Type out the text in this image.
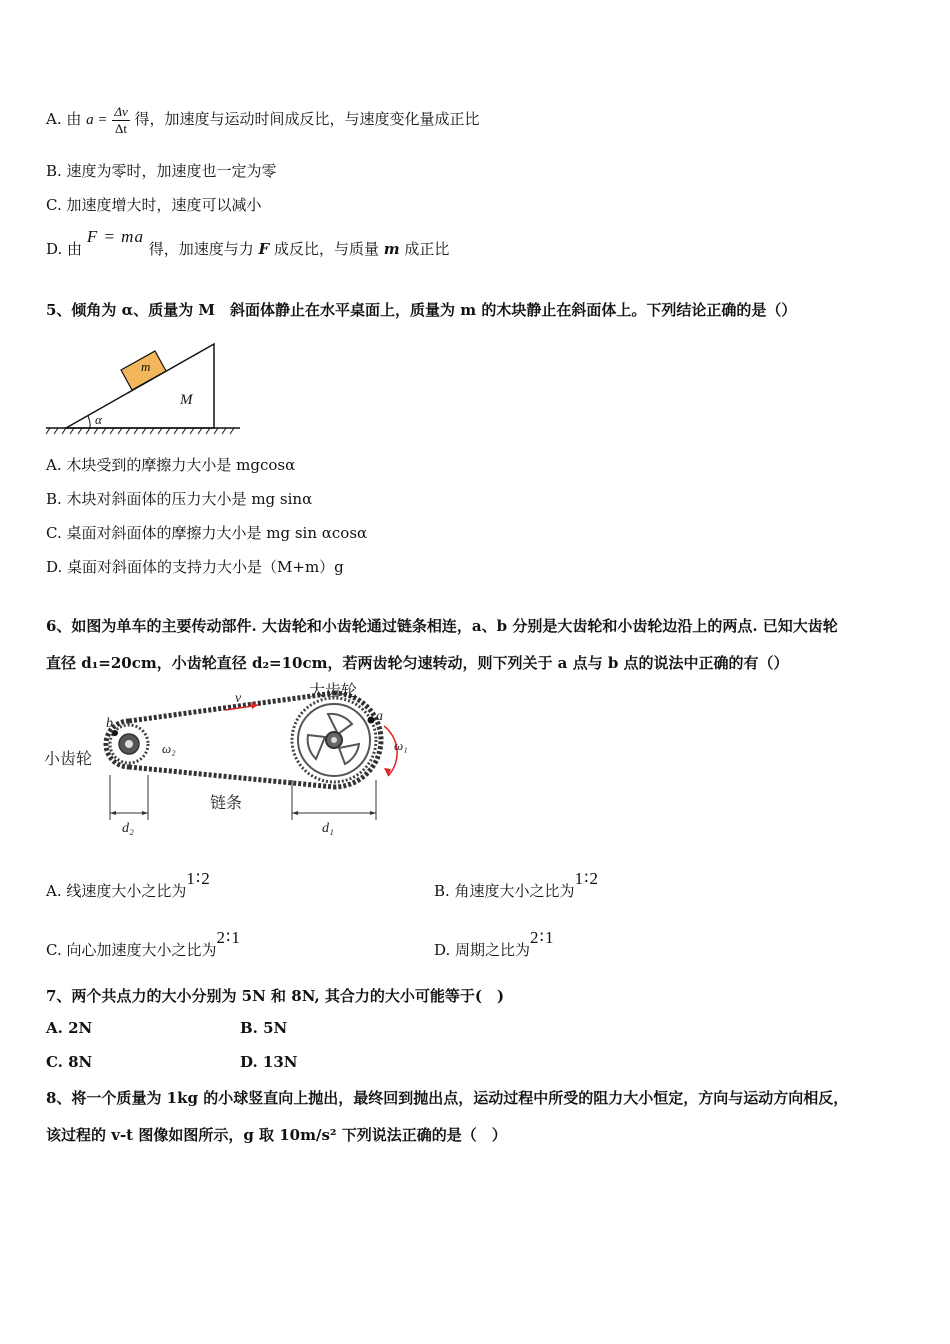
A. 由 $a = \frac{\Delta v}{\Delta t}$ 得，加速度与运动时间成反比，与速度变化量成正比
B. 速度为零时，加速度也一定为零
C. 加速度增大时，速度可以减小
D. 由 F = ma 得，加速度与力 F 成反比，与质量 m 成正比
5、倾角为 α、质量为 M　斜面体静止在水平桌面上，质量为 m 的木块静止在斜面体上。下列结论正确的是（）
m
M
α
A. 木块受到的摩擦力大小是 mgcosα
B. 木块对斜面体的压力大小是 mg sinα
C. 桌面对斜面体的摩擦力大小是 mg sin αcosα
D. 桌面对斜面体的支持力大小是（M+m）g
6、如图为单车的主要传动部件. 大齿轮和小齿轮通过链条相连，a、b 分别是大齿轮和小齿轮边沿上的两点. 已知大齿轮
直径 d₁=20cm，小齿轮直径 d₂=10cm，若两齿轮匀速转动，则下列关于 a 点与 b 点的说法中正确的有（）
大齿轮
小齿轮
链条
v
a
b
ω₁
ω₂
d₁
d₂
A. 线速度大小之比为1∶2
B. 角速度大小之比为1∶2
C. 向心加速度大小之比为2∶1
D. 周期之比为2∶1
7、两个共点力的大小分别为 5N 和 8N, 其合力的大小可能等于(　)
A. 2N	B. 5N
C. 8N	D. 13N
8、将一个质量为 1kg 的小球竖直向上抛出，最终回到抛出点，运动过程中所受的阻力大小恒定，方向与运动方向相反，
该过程的 v-t 图像如图所示，g 取 10m/s² 下列说法正确的是（　）
